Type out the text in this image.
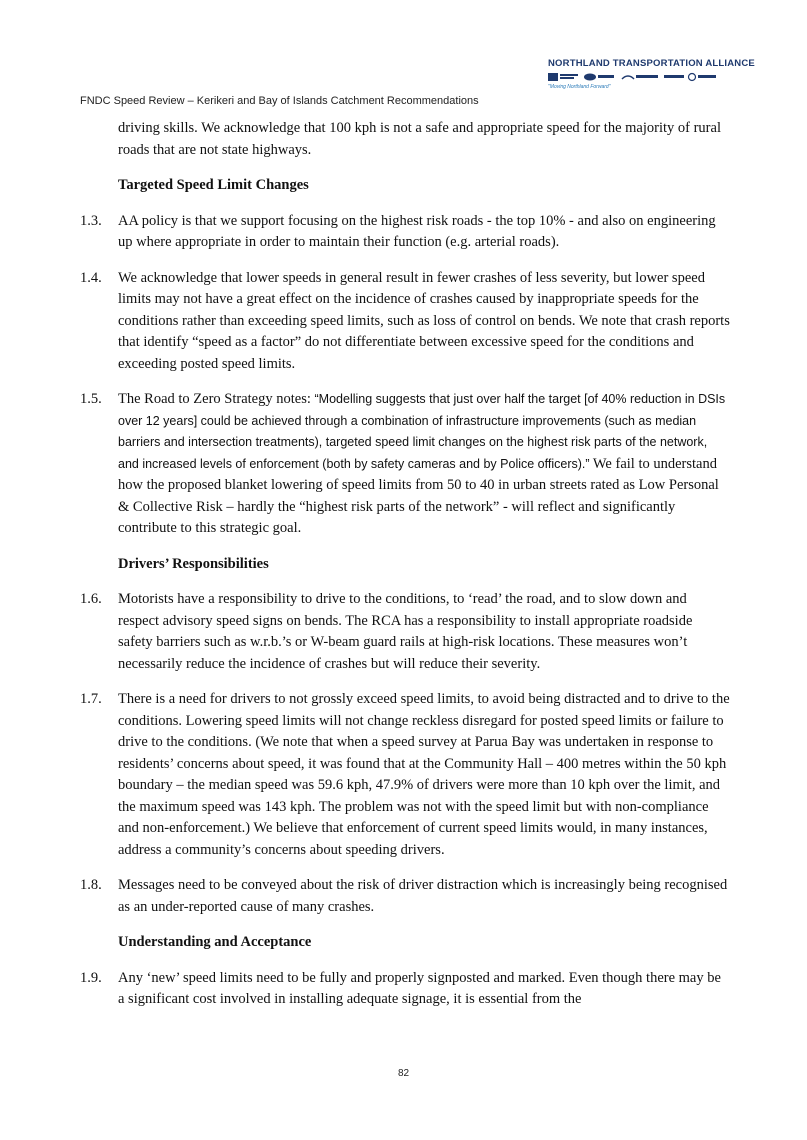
NORTHLAND TRANSPORTATION ALLIANCE
"Moving Northland Forward"
FNDC Speed Review – Kerikeri and Bay of Islands Catchment Recommendations

driving skills. We acknowledge that 100 kph is not a safe and appropriate speed for the majority of rural roads that are not state highways.

Targeted Speed Limit Changes

1.3.	AA policy is that we support focusing on the highest risk roads - the top 10% - and also on engineering up where appropriate in order to maintain their function (e.g. arterial roads).
1.4.	We acknowledge that lower speeds in general result in fewer crashes of less severity, but lower speed limits may not have a great effect on the incidence of crashes caused by inappropriate speeds for the conditions rather than exceeding speed limits, such as loss of control on bends. We note that crash reports that identify “speed as a factor” do not differentiate between excessive speed for the conditions and exceeding posted speed limits.
1.5.	The Road to Zero Strategy notes: “Modelling suggests that just over half the target [of 40% reduction in DSIs over 12 years] could be achieved through a combination of infrastructure improvements (such as median barriers and intersection treatments), targeted speed limit changes on the highest risk parts of the network, and increased levels of enforcement (both by safety cameras and by Police officers).” We fail to understand how the proposed blanket lowering of speed limits from 50 to 40 in urban streets rated as Low Personal & Collective Risk – hardly the “highest risk parts of the network” - will reflect and significantly contribute to this strategic goal.

Drivers’ Responsibilities

1.6.	Motorists have a responsibility to drive to the conditions, to ‘read’ the road, and to slow down and respect advisory speed signs on bends. The RCA has a responsibility to install appropriate roadside safety barriers such as w.r.b.’s or W-beam guard rails at high-risk locations. These measures won’t necessarily reduce the incidence of crashes but will reduce their severity.
1.7.	There is a need for drivers to not grossly exceed speed limits, to avoid being distracted and to drive to the conditions. Lowering speed limits will not change reckless disregard for posted speed limits or failure to drive to the conditions. (We note that when a speed survey at Parua Bay was undertaken in response to residents’ concerns about speed, it was found that at the Community Hall – 400 metres within the 50 kph boundary – the median speed was 59.6 kph, 47.9% of drivers were more than 10 kph over the limit, and the maximum speed was 143 kph. The problem was not with the speed limit but with non-compliance and non-enforcement.) We believe that enforcement of current speed limits would, in many instances, address a community’s concerns about speeding drivers.
1.8.	Messages need to be conveyed about the risk of driver distraction which is increasingly being recognised as an under-reported cause of many crashes.

Understanding and Acceptance

1.9.	Any ‘new’ speed limits need to be fully and properly signposted and marked. Even though there may be a significant cost involved in installing adequate signage, it is essential from the
82
